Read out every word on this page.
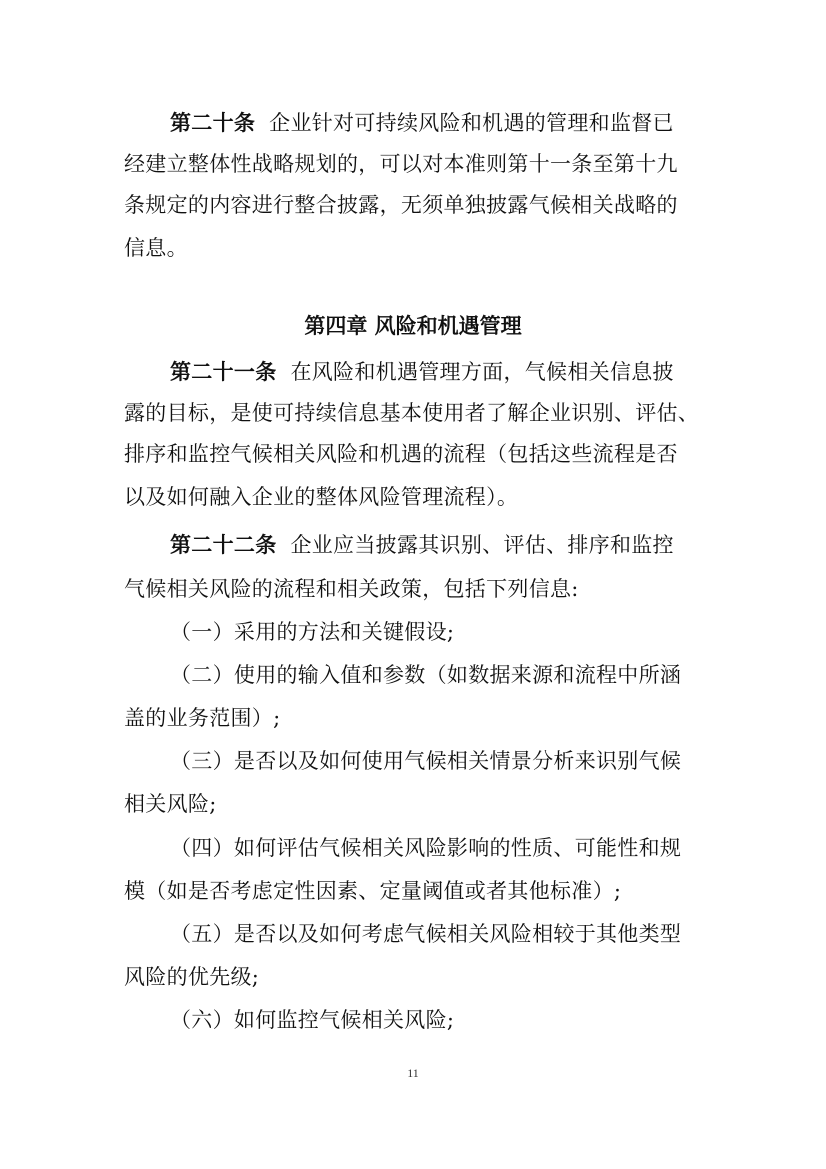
第二十条 企业针对可持续风险和机遇的管理和监督已
经建立整体性战略规划的，可以对本准则第十一条至第十九
条规定的内容进行整合披露，无须单独披露气候相关战略的
信息。
第四章 风险和机遇管理
第二十一条 在风险和机遇管理方面，气候相关信息披
露的目标，是使可持续信息基本使用者了解企业识别、评估、
排序和监控气候相关风险和机遇的流程（包括这些流程是否
以及如何融入企业的整体风险管理流程）。
第二十二条 企业应当披露其识别、评估、排序和监控
气候相关风险的流程和相关政策，包括下列信息:
（一）采用的方法和关键假设;
（二）使用的输入值和参数（如数据来源和流程中所涵
盖的业务范围）;
（三）是否以及如何使用气候相关情景分析来识别气候
相关风险;
（四）如何评估气候相关风险影响的性质、可能性和规
模（如是否考虑定性因素、定量阈值或者其他标准）;
（五）是否以及如何考虑气候相关风险相较于其他类型
风险的优先级;
（六）如何监控气候相关风险;
11
